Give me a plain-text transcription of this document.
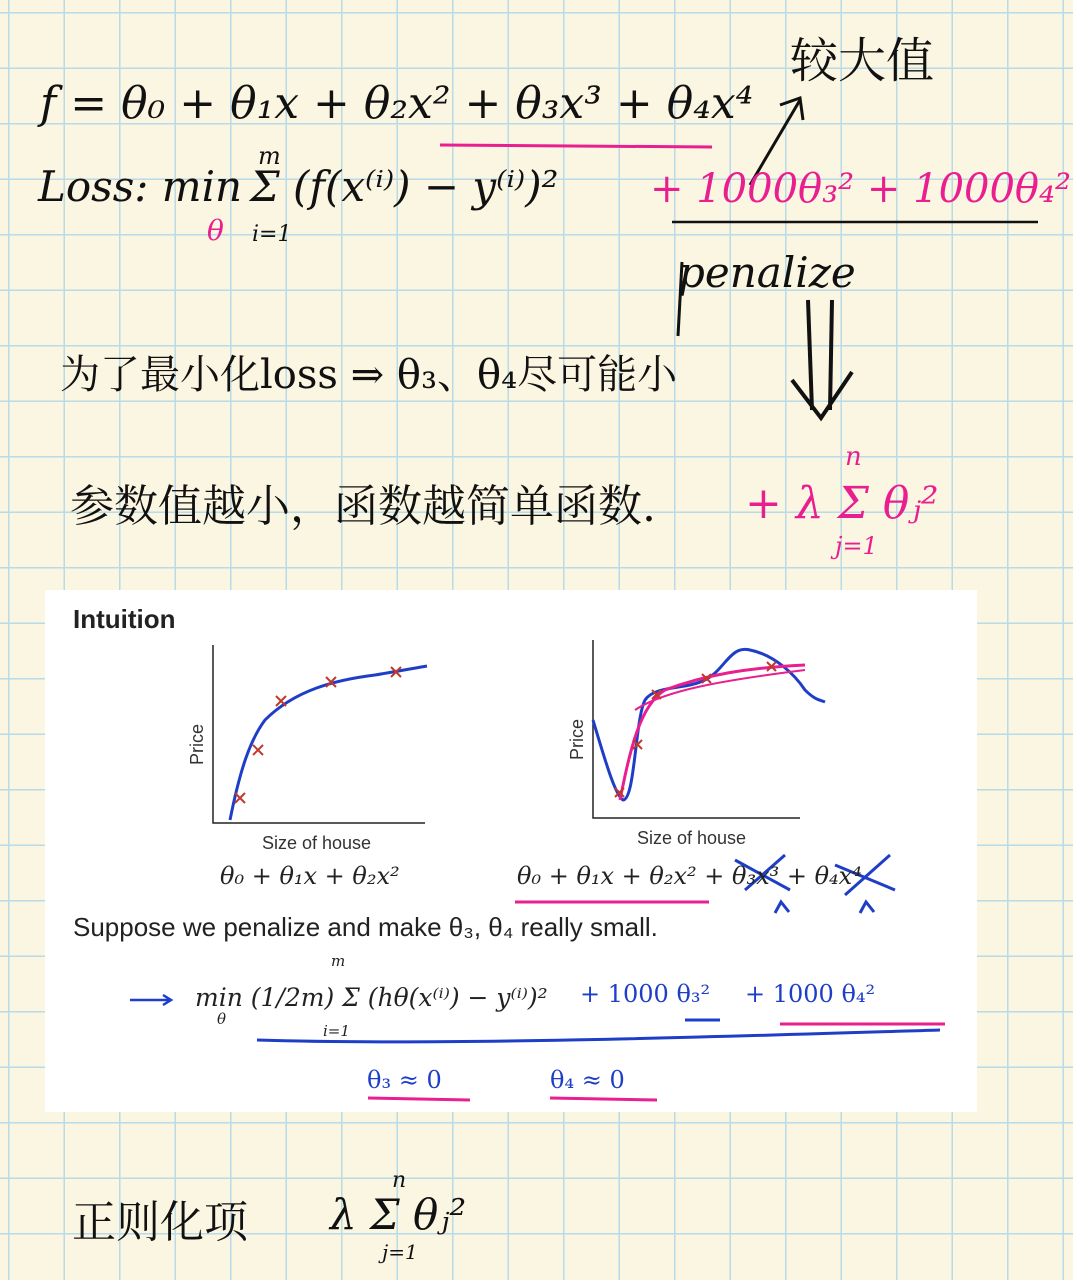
f = θ₀ + θ₁x + θ₂x² + θ₃x³ + θ₄x⁴
较大值
Loss: min
θ
m
i=1
Σ (f(x⁽ⁱ⁾) − y⁽ⁱ⁾)² + 1000θ₃² + 1000θ₄²
penalize
为了最小化loss ⇒ θ₃、θ₄尽可能小
参数值越小，函数越简单函数.
n
+ λ Σ θⱼ²
j=1
Intuition
Price
Size of house
θ₀ + θ₁x + θ₂x²
Price
Size of house
θ₀ + θ₁x + θ₂x² + θ₃x³ + θ₄x⁴
Suppose we penalize and make θ₃, θ₄ really small.
min (1/2m) Σ (hθ(x⁽ⁱ⁾) − y⁽ⁱ⁾)²
θ
m
i=1
+ 1000 θ₃² + 1000 θ₄²
θ₃ ≈ 0	θ₄ ≈ 0
正则化项
n
λ Σ θⱼ²
j=1
